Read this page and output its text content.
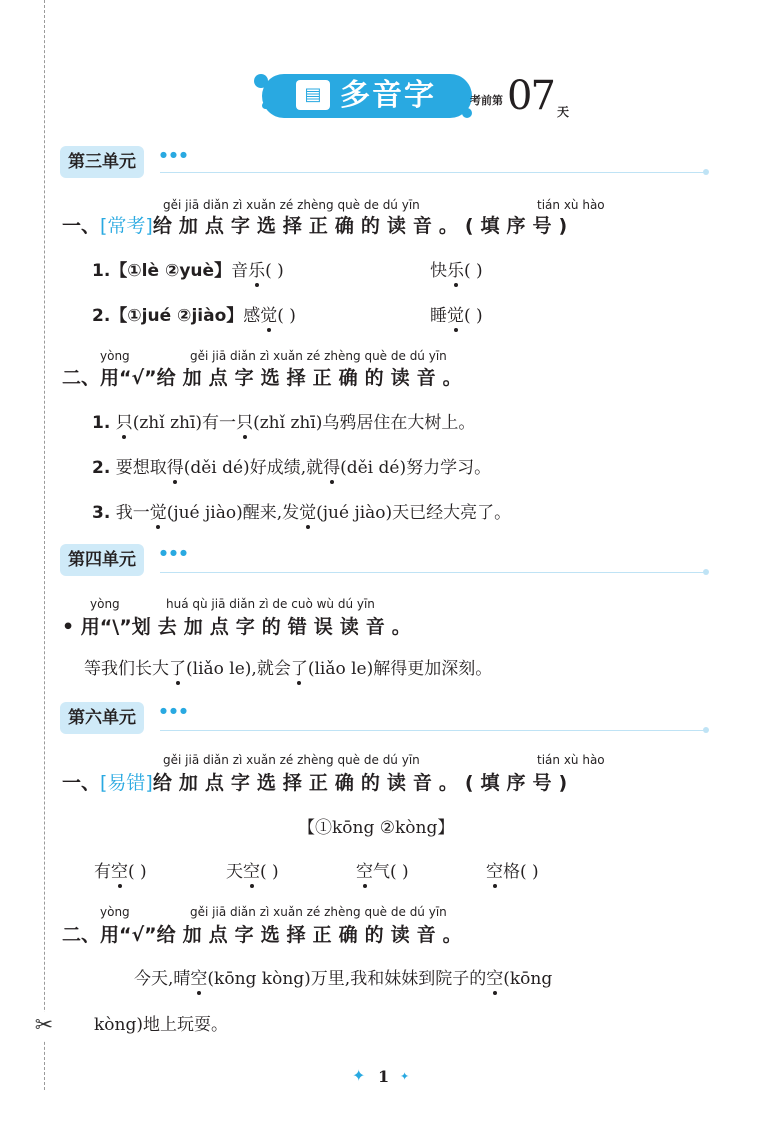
✂
▤ 多音字	考前第 07 天
第三单元	●●●
gěi jiā diǎn zì xuǎn zé zhèng què de dú yīn	tián xù hào
一、[常考]给加点字选择正确的读音。(填序号)
1.【①lè ②yuè】音乐( )	快乐( )
2.【①jué ②jiào】感觉( )	睡觉( )
yòng	gěi jiā diǎn zì xuǎn zé zhèng què de dú yīn
二、用“√”给加点字选择正确的读音。
1. 只(zhǐ zhī)有一只(zhǐ zhī)乌鸦居住在大树上。
2. 要想取得(děi dé)好成绩,就得(děi dé)努力学习。
3. 我一觉(jué jiào)醒来,发觉(jué jiào)天已经大亮了。
第四单元	●●●
yòng	huá qù jiā diǎn zì de cuò wù dú yīn
• 用“\”划去加点字的错误读音。
等我们长大了(liǎo le),就会了(liǎo le)解得更加深刻。
第六单元	●●●
gěi jiā diǎn zì xuǎn zé zhèng què de dú yīn	tián xù hào
一、[易错]给加点字选择正确的读音。(填序号)
【①kōng ②kòng】
有空( )	天空( )	空气( )	空格( )
yòng	gěi jiā diǎn zì xuǎn zé zhèng què de dú yīn
二、用“√”给加点字选择正确的读音。
今天,晴空(kōng kòng)万里,我和妹妹到院子的空(kōng
kòng)地上玩耍。
✦ 1 ✦
